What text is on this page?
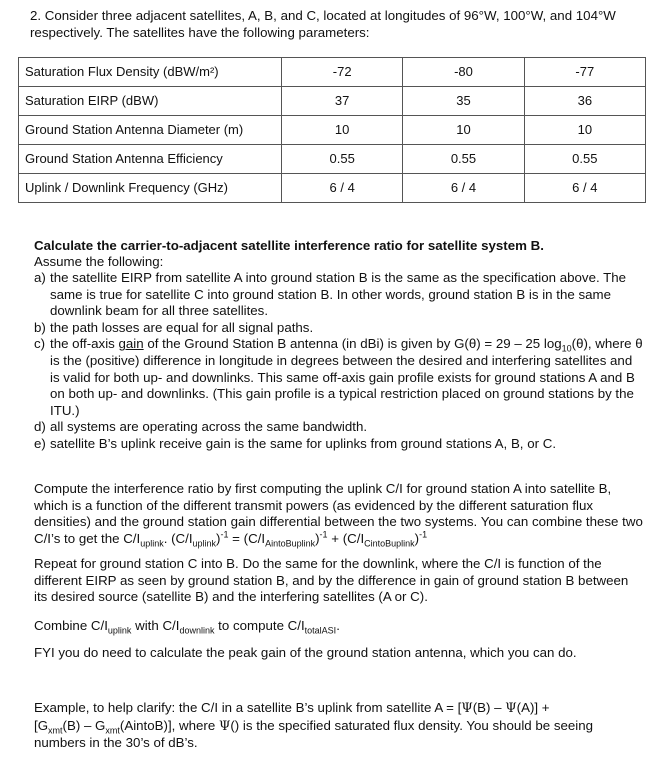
2. Consider three adjacent satellites, A, B, and C, located at longitudes of 96°W, 100°W, and 104°W respectively. The satellites have the following parameters:
Saturation Flux Density (dBW/m²)	-72	-80	-77
Saturation EIRP (dBW)	37	35	36
Ground Station Antenna Diameter (m)	10	10	10
Ground Station Antenna Efficiency	0.55	0.55	0.55
Uplink / Downlink Frequency (GHz)	6 / 4	6 / 4	6 / 4
Calculate the carrier-to-adjacent satellite interference ratio for satellite system B.
Assume the following:
a) the satellite EIRP from satellite A into ground station B is the same as the specification above. The same is true for satellite C into ground station B. In other words, ground station B is in the same downlink beam for all three satellites.
b) the path losses are equal for all signal paths.
c) the off-axis gain of the Ground Station B antenna (in dBi) is given by G(θ) = 29 – 25 $\log_{10}(\theta)$, where θ is the (positive) difference in longitude in degrees between the desired and interfering satellites and is valid for both up- and downlinks. This same off-axis gain profile exists for ground stations A and B on both up- and downlinks. (This gain profile is a typical restriction placed on ground stations by the ITU.)
d) all systems are operating across the same bandwidth.
e) satellite B’s uplink receive gain is the same for uplinks from ground stations A, B, or C.
Compute the interference ratio by first computing the uplink C/I for ground station A into satellite B, which is a function of the different transmit powers (as evidenced by the different saturation flux densities) and the ground station gain differential between the two systems. You can combine these two C/I’s to get the $C/I_{uplink}$. $(C/I_{uplink})^{-1} = (C/I_{AintoBuplink})^{-1} + (C/I_{CintoBuplink})^{-1}$
Repeat for ground station C into B. Do the same for the downlink, where the C/I is function of the different EIRP as seen by ground station B, and by the difference in gain of ground station B between its desired source (satellite B) and the interfering satellites (A or C).
Combine $C/I_{uplink}$ with $C/I_{downlink}$ to compute $C/I_{totalASI}$.
FYI you do need to calculate the peak gain of the ground station antenna, which you can do.
Example, to help clarify: the C/I in a satellite B’s uplink from satellite A = [Ψ(B) – Ψ(A)] +
[$G_{xmt}(B)$ – $G_{xmt}(AintoB)$], where Ψ() is the specified saturated flux density. You should be seeing numbers in the 30’s of dB’s.
